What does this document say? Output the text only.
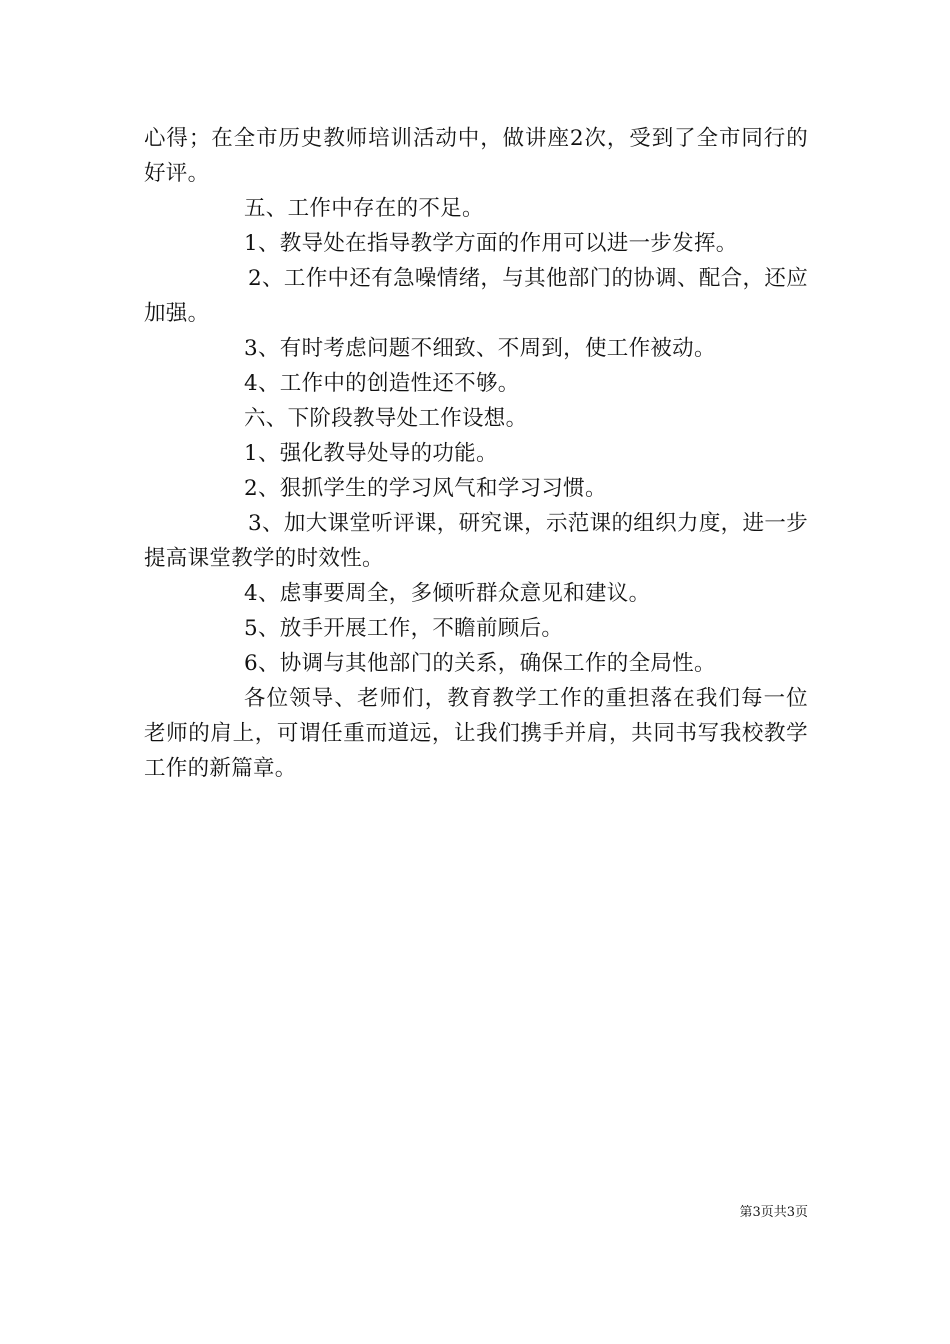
心得；在全市历史教师培训活动中，做讲座2次，受到了全市同行的好评。

五、工作中存在的不足。

1、教导处在指导教学方面的作用可以进一步发挥。

2、工作中还有急噪情绪，与其他部门的协调、配合，还应加强。

3、有时考虑问题不细致、不周到，使工作被动。

4、工作中的创造性还不够。

六、下阶段教导处工作设想。

1、强化教导处导的功能。

2、狠抓学生的学习风气和学习习惯。

3、加大课堂听评课，研究课，示范课的组织力度，进一步提高课堂教学的时效性。

4、虑事要周全，多倾听群众意见和建议。

5、放手开展工作，不瞻前顾后。

6、协调与其他部门的关系，确保工作的全局性。

各位领导、老师们，教育教学工作的重担落在我们每一位老师的肩上，可谓任重而道远，让我们携手并肩，共同书写我校教学工作的新篇章。

第3页共3页
